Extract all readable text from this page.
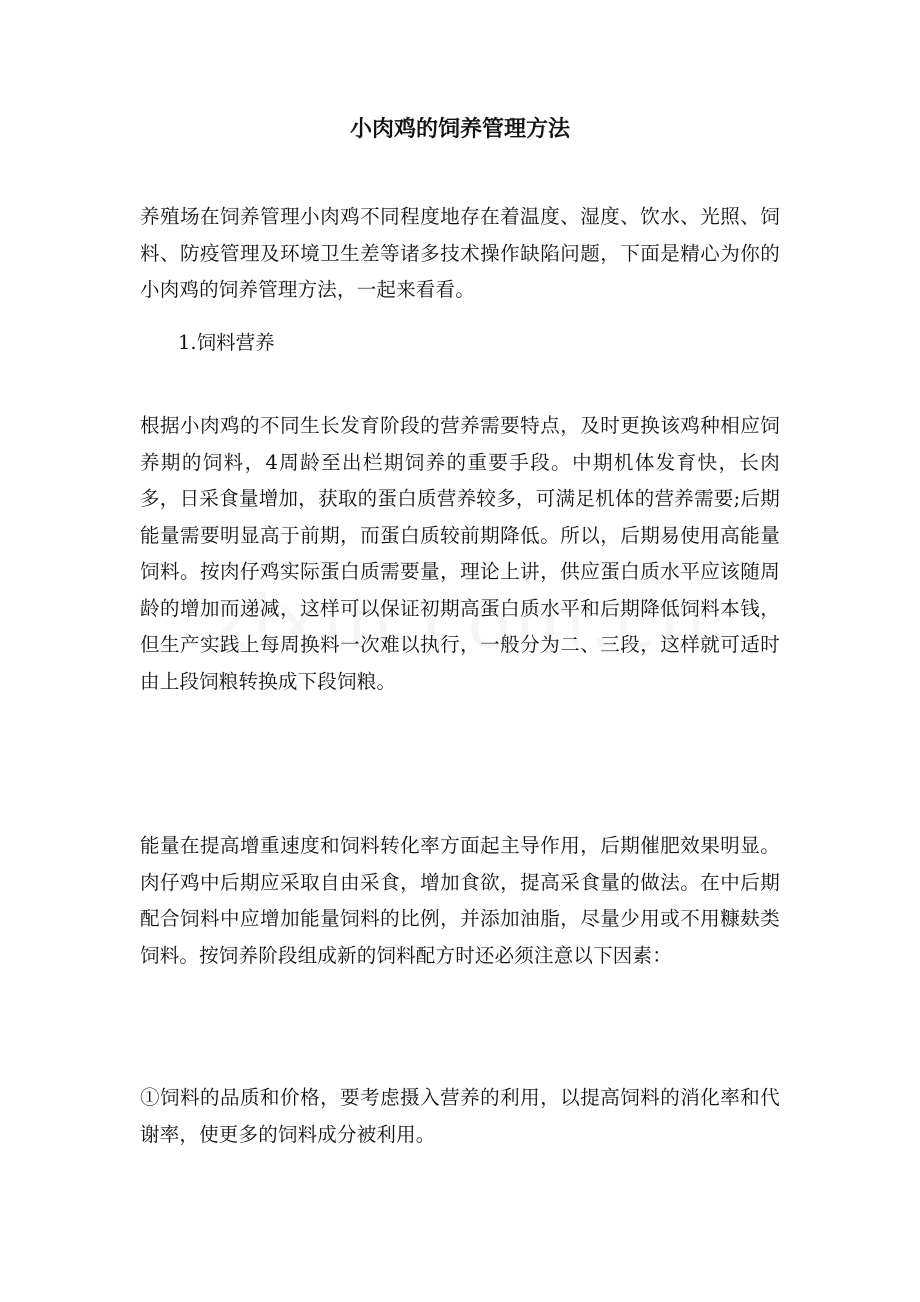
小肉鸡的饲养管理方法

养殖场在饲养管理小肉鸡不同程度地存在着温度、湿度、饮水、光照、饲料、防疫管理及环境卫生差等诸多技术操作缺陷问题，下面是精心为你的小肉鸡的饲养管理方法，一起来看看。

1.饲料营养

根据小肉鸡的不同生长发育阶段的营养需要特点，及时更换该鸡种相应饲养期的饲料，4周龄至出栏期饲养的重要手段。中期机体发育快，长肉多，日采食量增加，获取的蛋白质营养较多，可满足机体的营养需要;后期能量需要明显高于前期，而蛋白质较前期降低。所以，后期易使用高能量饲料。按肉仔鸡实际蛋白质需要量，理论上讲，供应蛋白质水平应该随周龄的增加而递减，这样可以保证初期高蛋白质水平和后期降低饲料本钱，但生产实践上每周换料一次难以执行，一般分为二、三段，这样就可适时由上段饲粮转换成下段饲粮。

能量在提高增重速度和饲料转化率方面起主导作用，后期催肥效果明显。肉仔鸡中后期应采取自由采食，增加食欲，提高采食量的做法。在中后期配合饲料中应增加能量饲料的比例，并添加油脂，尽量少用或不用糠麸类饲料。按饲养阶段组成新的饲料配方时还必须注意以下因素：

①饲料的品质和价格，要考虑摄入营养的利用，以提高饲料的消化率和代谢率，使更多的饲料成分被利用。
